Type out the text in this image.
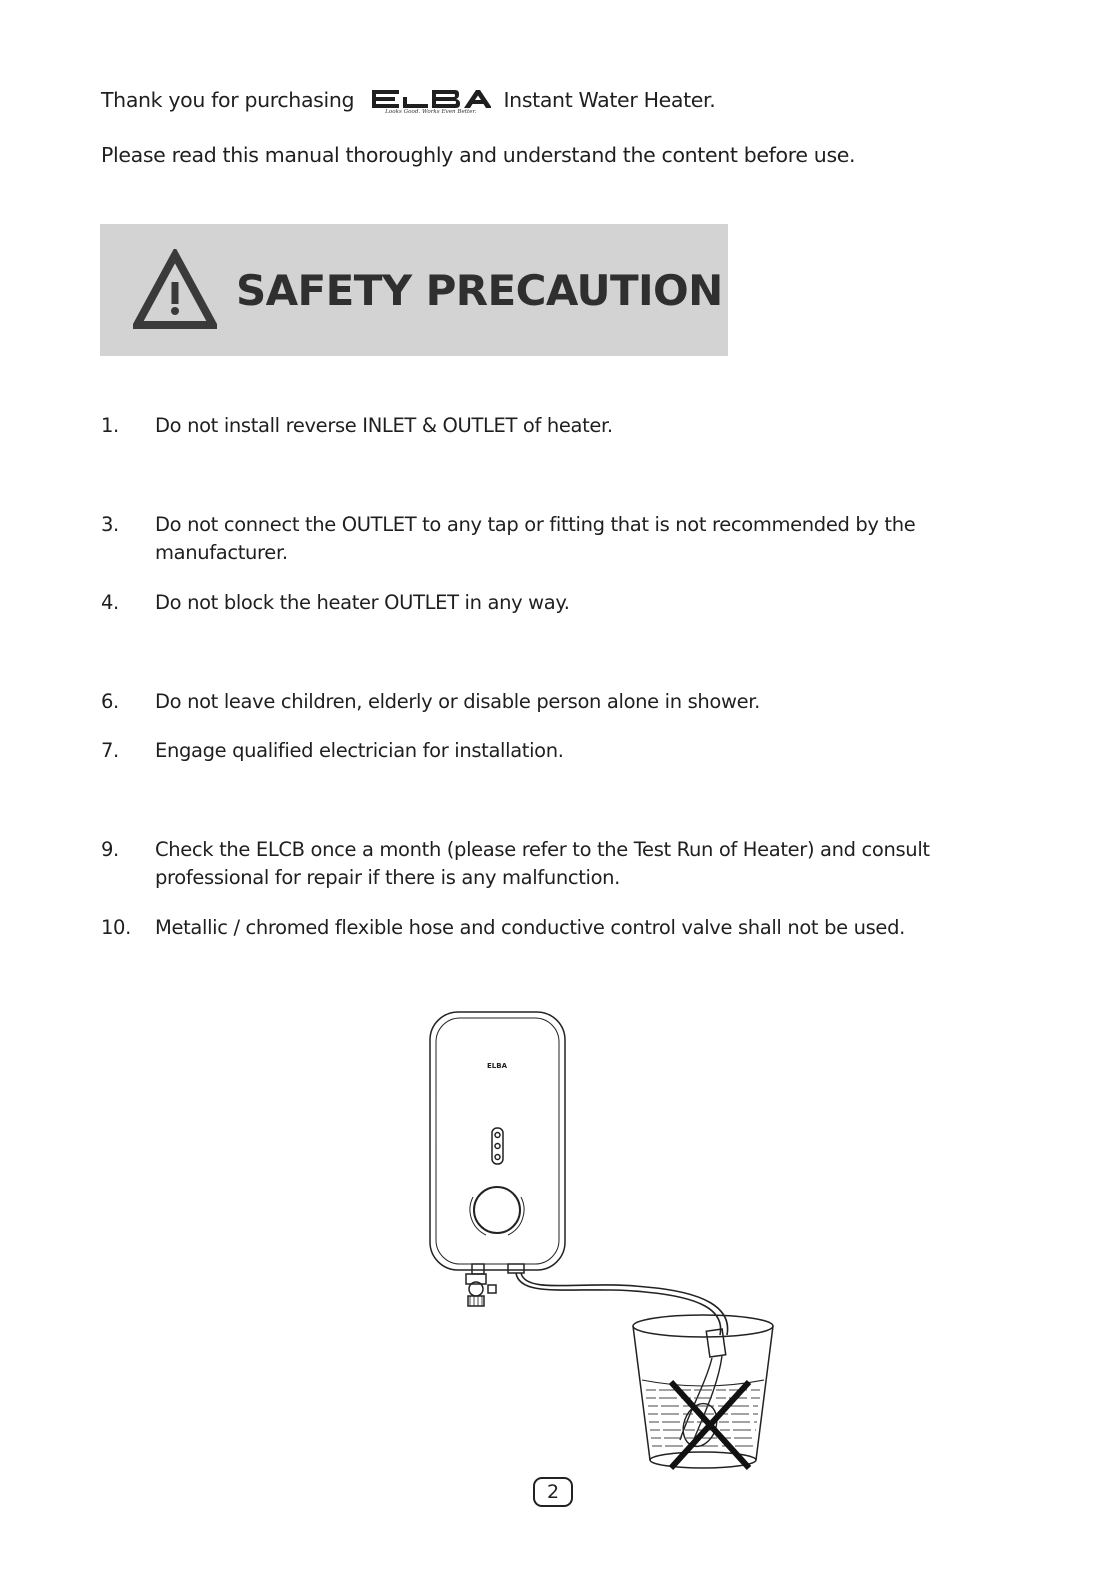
Thank you for purchasing	Looks Good. Works Even Better.	Instant Water Heater.
Please read this manual thoroughly and understand the content before use.
SAFETY PRECAUTION
1. Do not install reverse INLET & OUTLET of heater.
3. Do not connect the OUTLET to any tap or fitting that is not recommended by the manufacturer.
4. Do not block the heater OUTLET in any way.
6. Do not leave children, elderly or disable person alone in shower.
7. Engage qualified electrician for installation.
9. Check the ELCB once a month (please refer to the Test Run of Heater) and consult professional for repair if there is any malfunction.
10. Metallic / chromed flexible hose and conductive control valve shall not be used.
ELBA
2
